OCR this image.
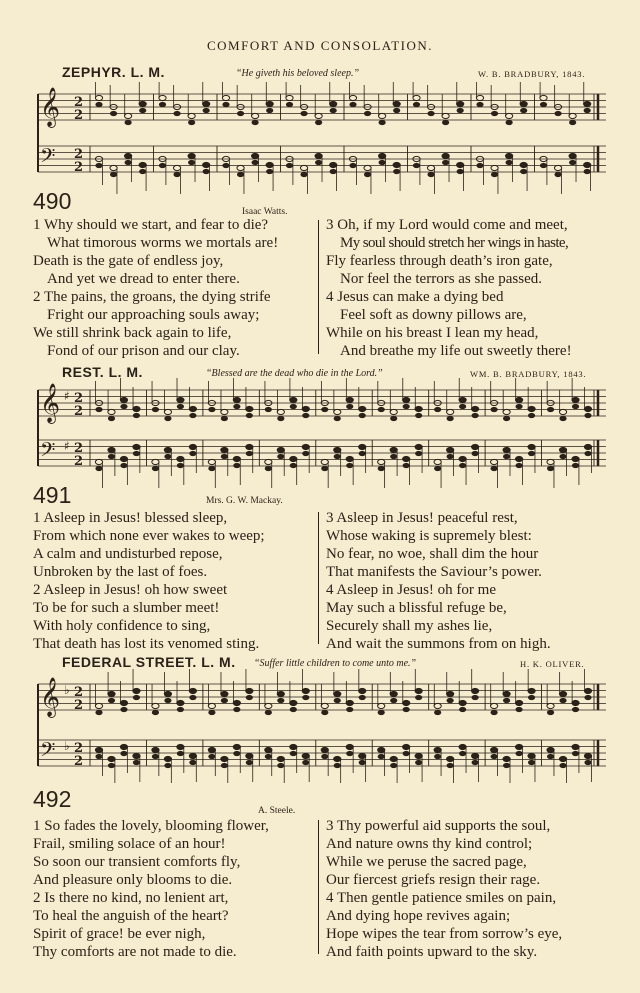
COMFORT AND CONSOLATION.
ZEPHYR. L. M.	“He giveth his beloved sleep.”	W. B. BRADBURY, 1843.
𝄞 2
2
𝄢 2
2
490	Isaac Watts.
1 Why should we start, and fear to die?
What timorous worms we mortals are!
Death is the gate of endless joy,
And yet we dread to enter there.
2 The pains, the groans, the dying strife
Fright our approaching souls away;
We still shrink back again to life,
Fond of our prison and our clay.
3 Oh, if my Lord would come and meet,
My soul should stretch her wings in haste,
Fly fearless through death’s iron gate,
Nor feel the terrors as she passed.
4 Jesus can make a dying bed
Feel soft as downy pillows are,
While on his breast I lean my head,
And breathe my life out sweetly there!
REST. L. M.	“Blessed are the dead who die in the Lord.”	WM. B. BRADBURY, 1843.
𝄞 ♯ 2
2
𝄢 ♯ 2
2
491	Mrs. G. W. Mackay.
1 Asleep in Jesus! blessed sleep,
From which none ever wakes to weep;
A calm and undisturbed repose,
Unbroken by the last of foes.
2 Asleep in Jesus! oh how sweet
To be for such a slumber meet!
With holy confidence to sing,
That death has lost its venomed sting.
3 Asleep in Jesus! peaceful rest,
Whose waking is supremely blest:
No fear, no woe, shall dim the hour
That manifests the Saviour’s power.
4 Asleep in Jesus! oh for me
May such a blissful refuge be,
Securely shall my ashes lie,
And wait the summons from on high.
FEDERAL STREET. L. M. “Suffer little children to come unto me.”	H. K. OLIVER.
𝄞 ♭ 2
2
𝄢 ♭ 2
2
492	A. Steele.
1 So fades the lovely, blooming flower,
Frail, smiling solace of an hour!
So soon our transient comforts fly,
And pleasure only blooms to die.
2 Is there no kind, no lenient art,
To heal the anguish of the heart?
Spirit of grace! be ever nigh,
Thy comforts are not made to die.
3 Thy powerful aid supports the soul,
And nature owns thy kind control;
While we peruse the sacred page,
Our fiercest griefs resign their rage.
4 Then gentle patience smiles on pain,
And dying hope revives again;
Hope wipes the tear from sorrow’s eye,
And faith points upward to the sky.
